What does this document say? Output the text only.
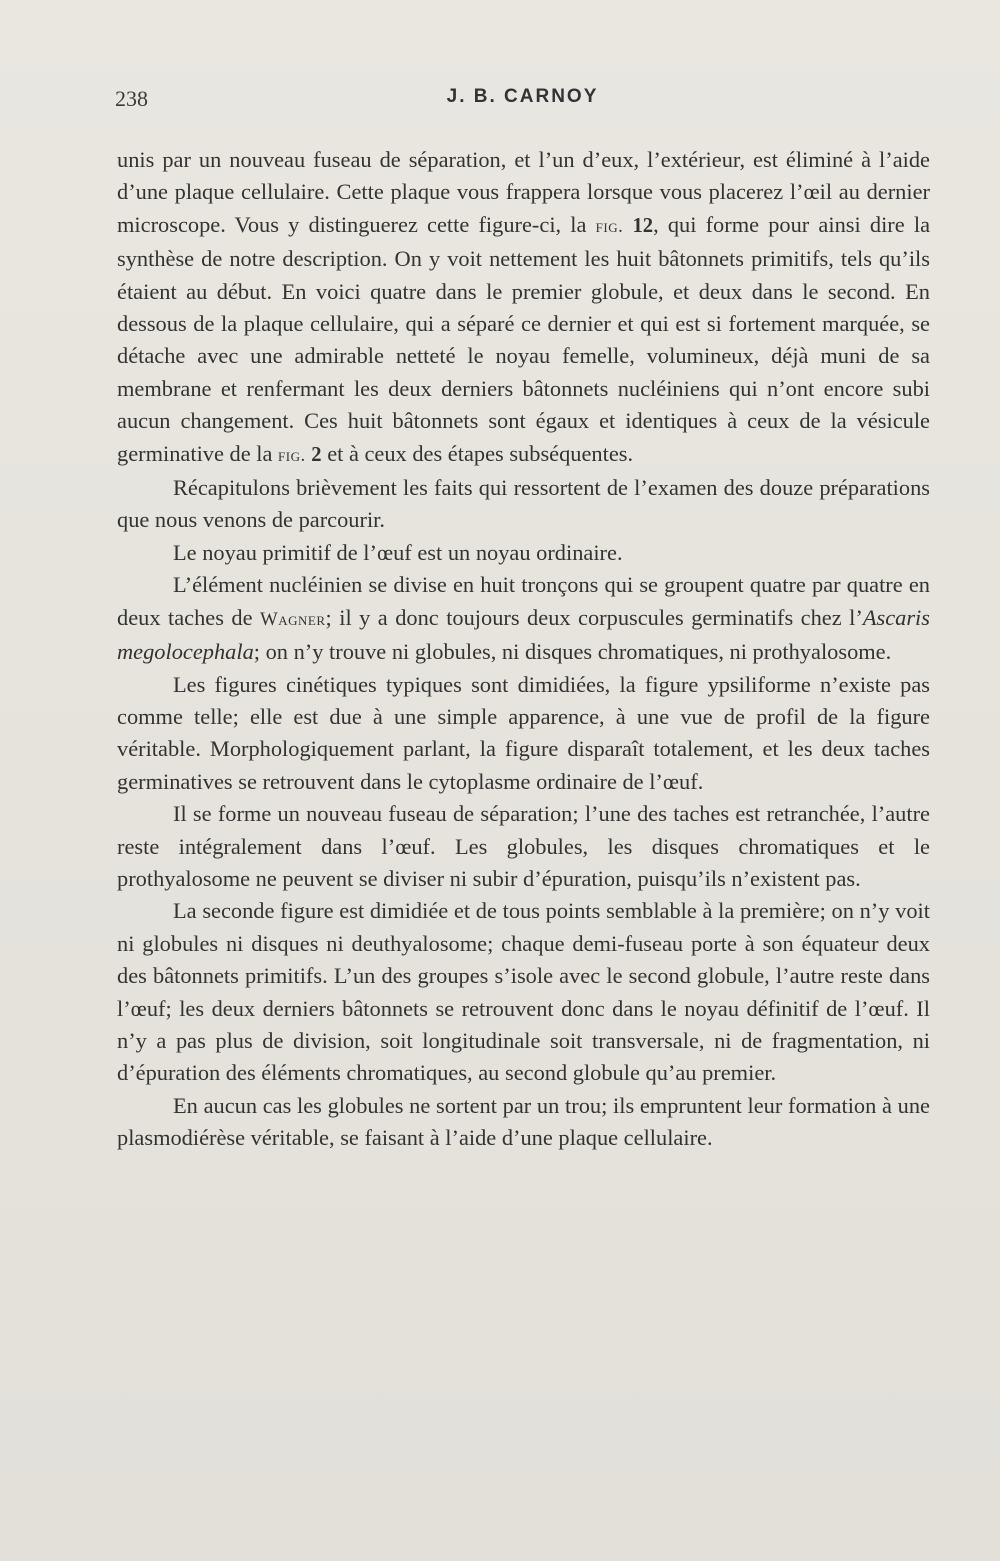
238	J. B. CARNOY

unis par un nouveau fuseau de séparation, et l’un d’eux, l’extérieur, est éliminé à l’aide d’une plaque cellulaire. Cette plaque vous frappera lorsque vous placerez l’œil au dernier microscope. Vous y distinguerez cette figure-ci, la fig. 12, qui forme pour ainsi dire la synthèse de notre description. On y voit nettement les huit bâtonnets primitifs, tels qu’ils étaient au début. En voici quatre dans le premier globule, et deux dans le second. En dessous de la plaque cellulaire, qui a séparé ce dernier et qui est si fortement marquée, se détache avec une admirable netteté le noyau femelle, volumineux, déjà muni de sa membrane et renfermant les deux derniers bâtonnets nucléiniens qui n’ont encore subi aucun changement. Ces huit bâtonnets sont égaux et identiques à ceux de la vésicule germinative de la fig. 2 et à ceux des étapes subséquentes.

Récapitulons brièvement les faits qui ressortent de l’examen des douze préparations que nous venons de parcourir.

Le noyau primitif de l’œuf est un noyau ordinaire.

L’élément nucléinien se divise en huit tronçons qui se groupent quatre par quatre en deux taches de Wagner; il y a donc toujours deux corpuscules germinatifs chez l’Ascaris megolocephala; on n’y trouve ni globules, ni disques chromatiques, ni prothyalosome.

Les figures cinétiques typiques sont dimidiées, la figure ypsiliforme n’existe pas comme telle; elle est due à une simple apparence, à une vue de profil de la figure véritable. Morphologiquement parlant, la figure disparaît totalement, et les deux taches germinatives se retrouvent dans le cytoplasme ordinaire de l’œuf.

Il se forme un nouveau fuseau de séparation; l’une des taches est retranchée, l’autre reste intégralement dans l’œuf. Les globules, les disques chromatiques et le prothyalosome ne peuvent se diviser ni subir d’épuration, puisqu’ils n’existent pas.

La seconde figure est dimidiée et de tous points semblable à la première; on n’y voit ni globules ni disques ni deuthyalosome; chaque demi-fuseau porte à son équateur deux des bâtonnets primitifs. L’un des groupes s’isole avec le second globule, l’autre reste dans l’œuf; les deux derniers bâtonnets se retrouvent donc dans le noyau définitif de l’œuf. Il n’y a pas plus de division, soit longitudinale soit transversale, ni de fragmentation, ni d’épuration des éléments chromatiques, au second globule qu’au premier.

En aucun cas les globules ne sortent par un trou; ils empruntent leur formation à une plasmodiérèse véritable, se faisant à l’aide d’une plaque cellulaire.
